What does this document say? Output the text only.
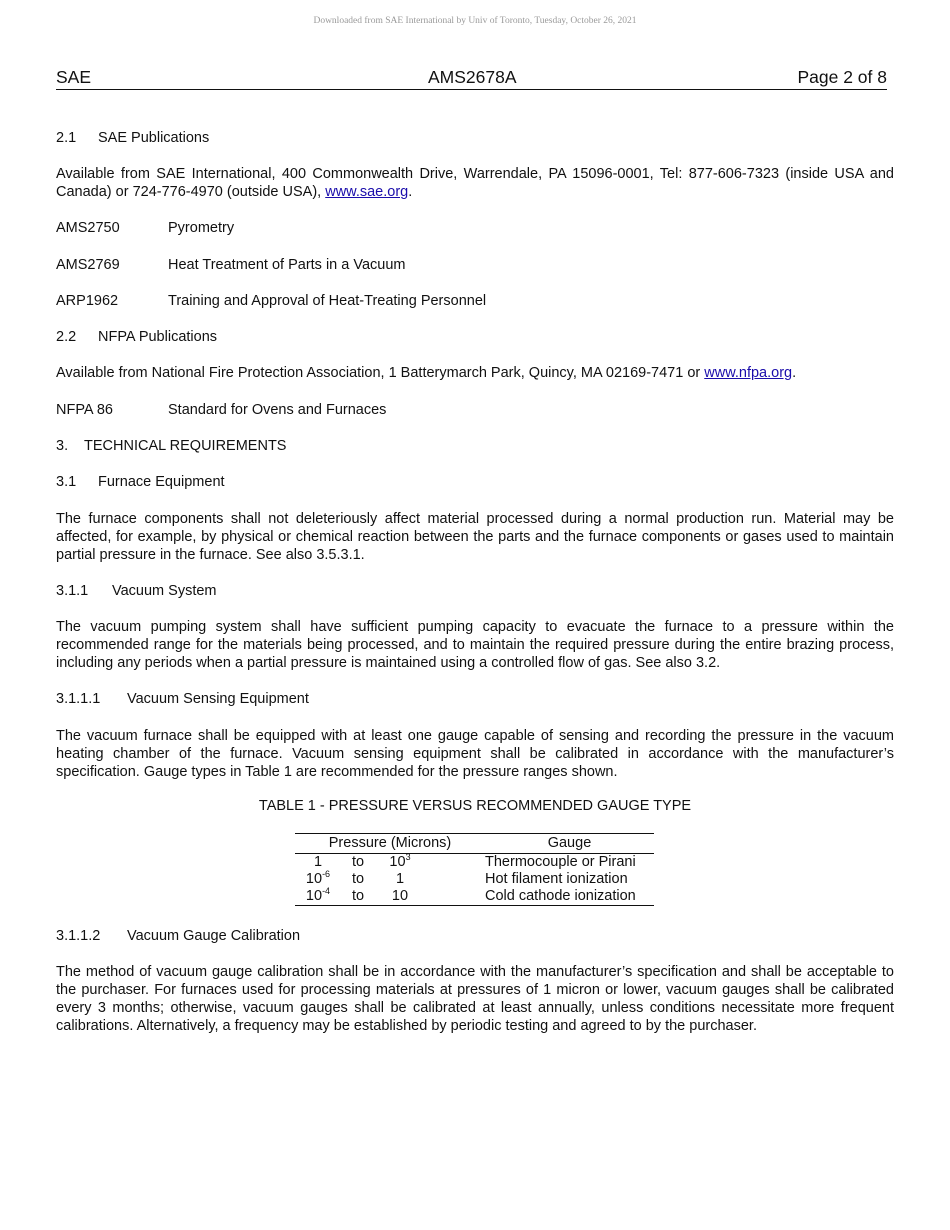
Downloaded from SAE International by Univ of Toronto, Tuesday, October 26, 2021
SAE	AMS2678A	Page 2 of 8
2.1 SAE Publications
Available from SAE International, 400 Commonwealth Drive, Warrendale, PA 15096-0001, Tel: 877-606-7323 (inside USA and Canada) or 724-776-4970 (outside USA), www.sae.org.
AMS2750	Pyrometry
AMS2769	Heat Treatment of Parts in a Vacuum
ARP1962	Training and Approval of Heat-Treating Personnel
2.2 NFPA Publications
Available from National Fire Protection Association, 1 Batterymarch Park, Quincy, MA 02169-7471 or www.nfpa.org.
NFPA 86	Standard for Ovens and Furnaces
3. TECHNICAL REQUIREMENTS
3.1 Furnace Equipment
The furnace components shall not deleteriously affect material processed during a normal production run. Material may be affected, for example, by physical or chemical reaction between the parts and the furnace components or gases used to maintain partial pressure in the furnace. See also 3.5.3.1.
3.1.1 Vacuum System
The vacuum pumping system shall have sufficient pumping capacity to evacuate the furnace to a pressure within the recommended range for the materials being processed, and to maintain the required pressure during the entire brazing process, including any periods when a partial pressure is maintained using a controlled flow of gas. See also 3.2.
3.1.1.1 Vacuum Sensing Equipment
The vacuum furnace shall be equipped with at least one gauge capable of sensing and recording the pressure in the vacuum heating chamber of the furnace. Vacuum sensing equipment shall be calibrated in accordance with the manufacturer’s specification. Gauge types in Table 1 are recommended for the pressure ranges shown.
TABLE 1 - PRESSURE VERSUS RECOMMENDED GAUGE TYPE
Pressure (Microns)	Gauge
1 to $10^3$	Thermocouple or Pirani
$10^{-6}$ to 1	Hot filament ionization
$10^{-4}$ to 10	Cold cathode ionization
3.1.1.2 Vacuum Gauge Calibration
The method of vacuum gauge calibration shall be in accordance with the manufacturer’s specification and shall be acceptable to the purchaser. For furnaces used for processing materials at pressures of 1 micron or lower, vacuum gauges shall be calibrated every 3 months; otherwise, vacuum gauges shall be calibrated at least annually, unless conditions necessitate more frequent calibrations. Alternatively, a frequency may be established by periodic testing and agreed to by the purchaser.
